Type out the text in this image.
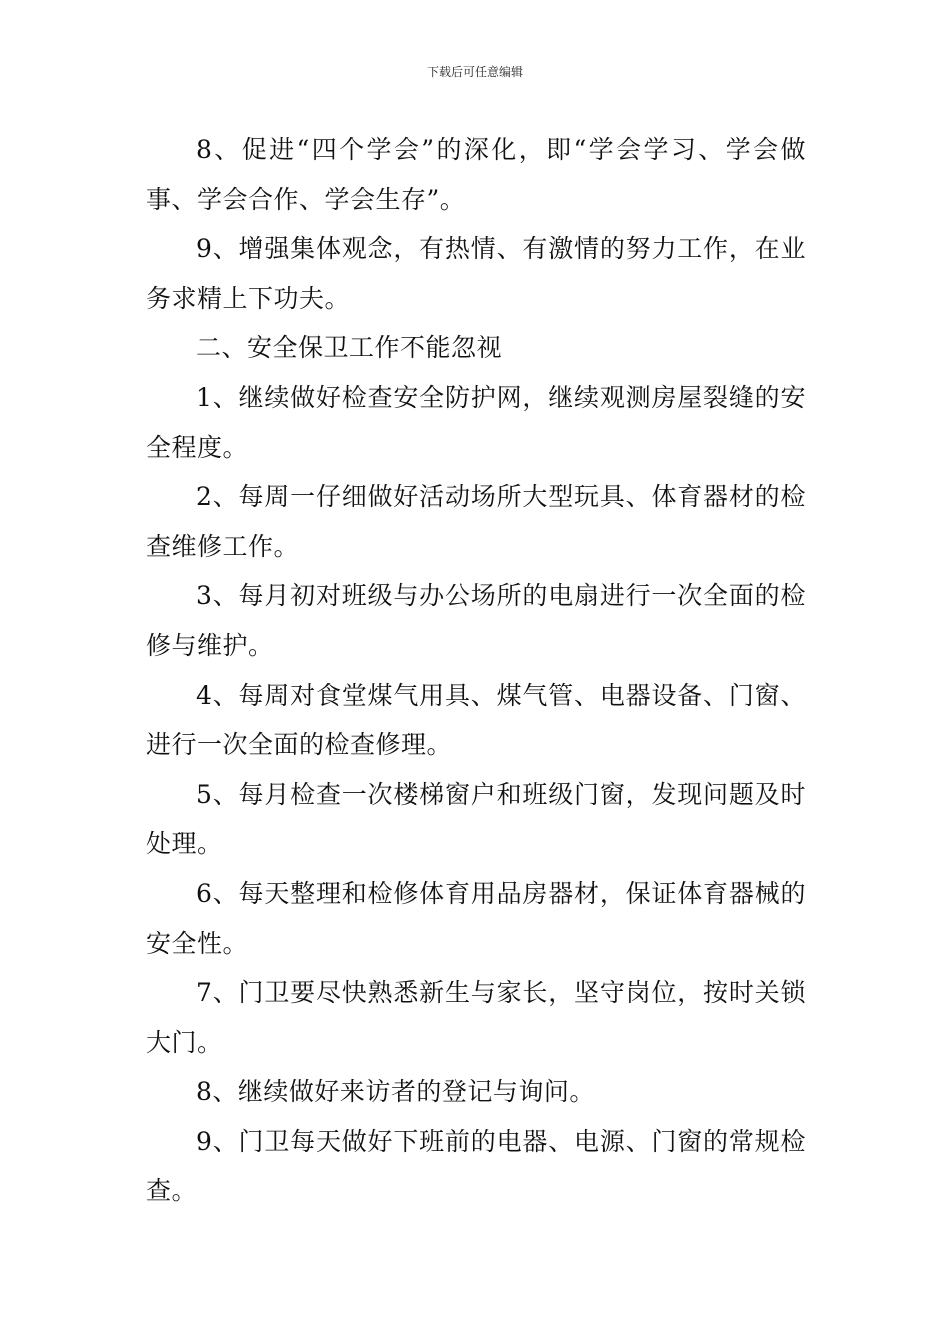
下载后可任意编辑

8、促进“四个学会”的深化，即“学会学习、学会做事、学会合作、学会生存”。

9、增强集体观念，有热情、有激情的努力工作，在业务求精上下功夫。

二、安全保卫工作不能忽视

1、继续做好检查安全防护网，继续观测房屋裂缝的安全程度。

2、每周一仔细做好活动场所大型玩具、体育器材的检查维修工作。

3、每月初对班级与办公场所的电扇进行一次全面的检修与维护。

4、每周对食堂煤气用具、煤气管、电器设备、门窗、进行一次全面的检查修理。

5、每月检查一次楼梯窗户和班级门窗，发现问题及时处理。

6、每天整理和检修体育用品房器材，保证体育器械的安全性。

7、门卫要尽快熟悉新生与家长，坚守岗位，按时关锁大门。

8、继续做好来访者的登记与询问。

9、门卫每天做好下班前的电器、电源、门窗的常规检查。
